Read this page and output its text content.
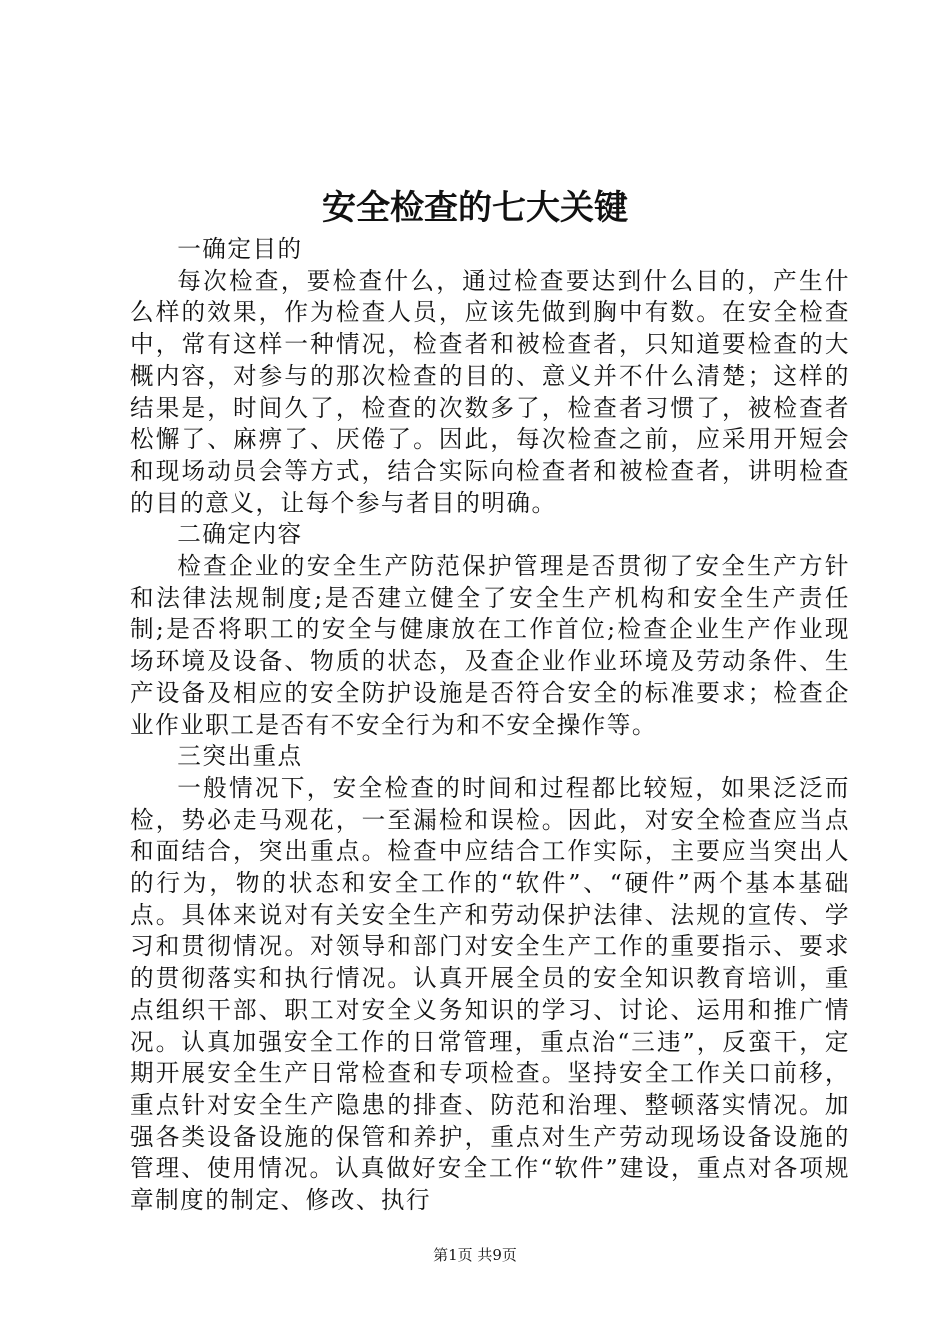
安全检查的七大关键

一确定目的

每次检查，要检查什么，通过检查要达到什么目的，产生什么样的效果，作为检查人员，应该先做到胸中有数。在安全检查中，常有这样一种情况，检查者和被检查者，只知道要检查的大概内容，对参与的那次检查的目的、意义并不什么清楚；这样的结果是，时间久了，检查的次数多了，检查者习惯了，被检查者松懈了、麻痹了、厌倦了。因此，每次检查之前，应采用开短会和现场动员会等方式，结合实际向检查者和被检查者，讲明检查的目的意义，让每个参与者目的明确。

二确定内容

检查企业的安全生产防范保护管理是否贯彻了安全生产方针和法律法规制度;是否建立健全了安全生产机构和安全生产责任制;是否将职工的安全与健康放在工作首位;检查企业生产作业现场环境及设备、物质的状态，及查企业作业环境及劳动条件、生产设备及相应的安全防护设施是否符合安全的标准要求；检查企业作业职工是否有不安全行为和不安全操作等。

三突出重点

一般情况下，安全检查的时间和过程都比较短，如果泛泛而检，势必走马观花，一至漏检和误检。因此，对安全检查应当点和面结合，突出重点。检查中应结合工作实际，主要应当突出人的行为，物的状态和安全工作的“软件”、“硬件”两个基本基础点。具体来说对有关安全生产和劳动保护法律、法规的宣传、学习和贯彻情况。对领导和部门对安全生产工作的重要指示、要求的贯彻落实和执行情况。认真开展全员的安全知识教育培训，重点组织干部、职工对安全义务知识的学习、讨论、运用和推广情况。认真加强安全工作的日常管理，重点治“三违”，反蛮干，定期开展安全生产日常检查和专项检查。坚持安全工作关口前移，重点针对安全生产隐患的排查、防范和治理、整顿落实情况。加强各类设备设施的保管和养护，重点对生产劳动现场设备设施的管理、使用情况。认真做好安全工作“软件”建设，重点对各项规章制度的制定、修改、执行

第1页 共9页
